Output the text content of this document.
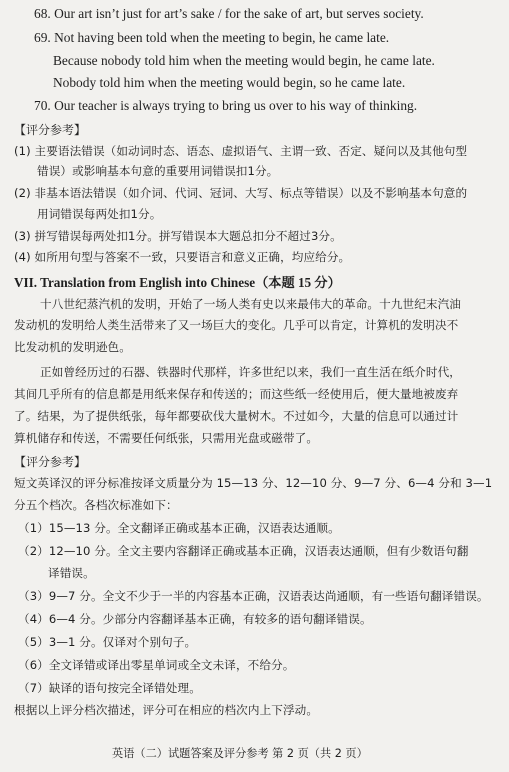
68. Our art isn’t just for art’s sake / for the sake of art, but serves society.
69. Not having been told when the meeting to begin, he came late.
Because nobody told him when the meeting would begin, he came late.
Nobody told him when the meeting would begin, so he came late.
70. Our teacher is always trying to bring us over to his way of thinking.
【评分参考】
(1) 主要语法错误（如动词时态、语态、虚拟语气、主谓一致、否定、疑问以及其他句型
错误）或影响基本句意的重要用词错误扣1分。
(2) 非基本语法错误（如介词、代词、冠词、大写、标点等错误）以及不影响基本句意的
用词错误每两处扣1分。
(3) 拼写错误每两处扣1分。拼写错误本大题总扣分不超过3分。
(4) 如所用句型与答案不一致，只要语言和意义正确，均应给分。
VII. Translation from English into Chinese（本题 15 分）
十八世纪蒸汽机的发明，开始了一场人类有史以来最伟大的革命。十九世纪末汽油
发动机的发明给人类生活带来了又一场巨大的变化。几乎可以肯定，计算机的发明决不
比发动机的发明逊色。
正如曾经历过的石器、铁器时代那样，许多世纪以来，我们一直生活在纸介时代，
其间几乎所有的信息都是用纸来保存和传送的；而这些纸一经使用后，便大量地被废弃
了。结果，为了提供纸张，每年都要砍伐大量树木。不过如今，大量的信息可以通过计
算机储存和传送，不需要任何纸张，只需用光盘或磁带了。
【评分参考】
短文英译汉的评分标准按译文质量分为 15—13 分、12—10 分、9—7 分、6—4 分和 3—1
分五个档次。各档次标准如下：
（1）15—13 分。全文翻译正确或基本正确，汉语表达通顺。
（2）12—10 分。全文主要内容翻译正确或基本正确，汉语表达通顺，但有少数语句翻
译错误。
（3）9—7 分。全文不少于一半的内容基本正确，汉语表达尚通顺，有一些语句翻译错误。
（4）6—4 分。少部分内容翻译基本正确，有较多的语句翻译错误。
（5）3—1 分。仅译对个别句子。
（6）全文译错或译出零星单词或全文未译，不给分。
（7）缺译的语句按完全译错处理。
根据以上评分档次描述，评分可在相应的档次内上下浮动。
英语（二）试题答案及评分参考 第 2 页（共 2 页）
